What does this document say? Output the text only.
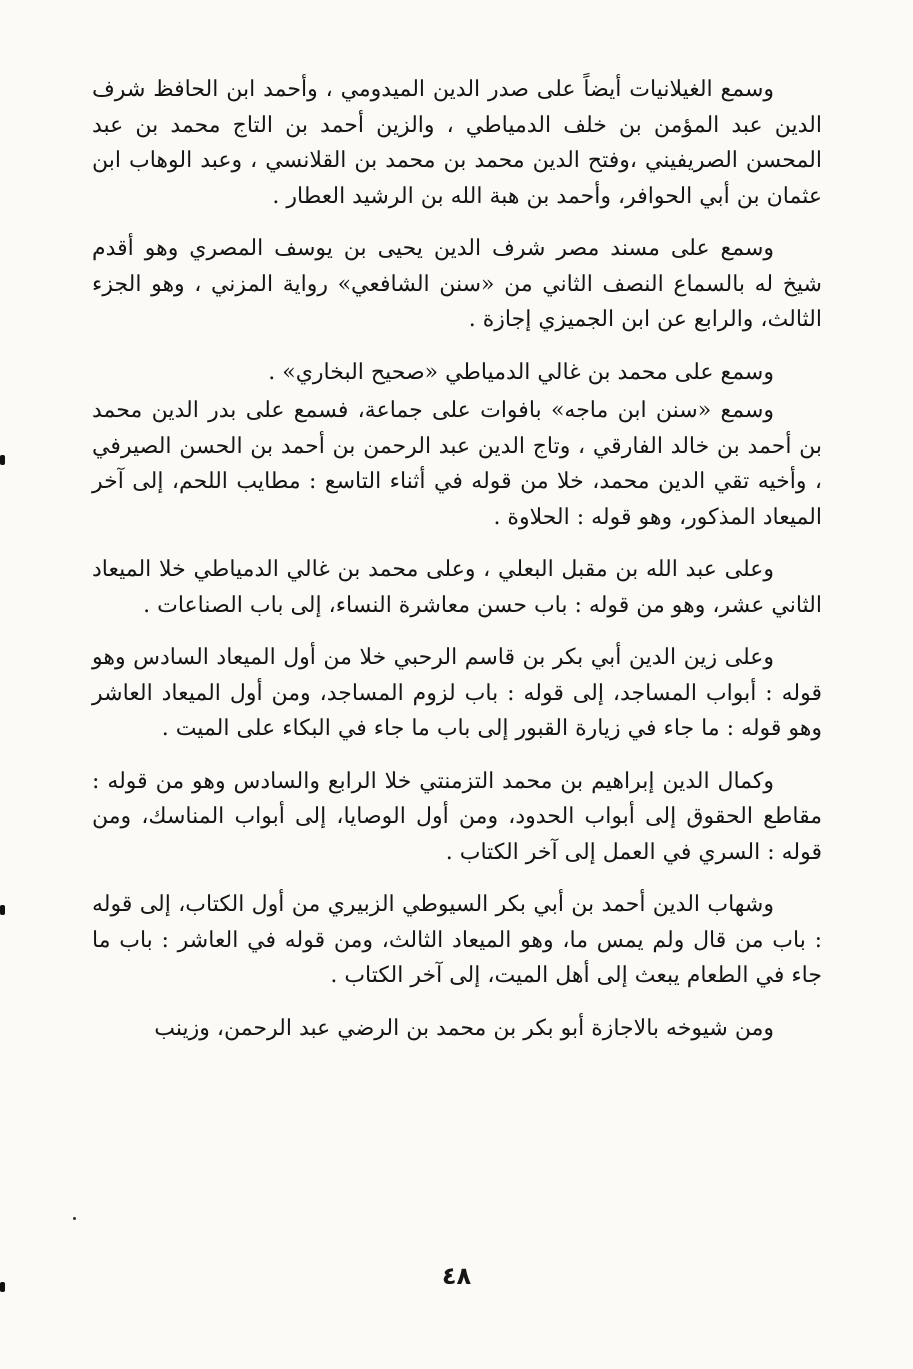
وسمع الغيلانيات أيضاً على صدر الدين الميدومي ، وأحمد ابن الحافظ شرف الدين عبد المؤمن بن خلف الدمياطي ، والزين أحمد بن التاج محمد بن عبد المحسن الصريفيني ،وفتح الدين محمد بن محمد بن القلانسي ، وعبد الوهاب ابن عثمان بن أبي الحوافر، وأحمد بن هبة الله بن الرشيد العطار .

وسمع على مسند مصر شرف الدين يحيى بن يوسف المصري وهو أقدم شيخ له بالسماع النصف الثاني من «سنن الشافعي» رواية المزني ، وهو الجزء الثالث، والرابع عن ابن الجميزي إجازة .

وسمع على محمد بن غالي الدمياطي «صحيح البخاري» .

وسمع «سنن ابن ماجه» بافوات على جماعة، فسمع على بدر الدين محمد بن أحمد بن خالد الفارقي ، وتاج الدين عبد الرحمن بن أحمد بن الحسن الصيرفي ، وأخيه تقي الدين محمد، خلا من قوله في أثناء التاسع : مطايب اللحم، إلى آخر الميعاد المذكور، وهو قوله : الحلاوة .

وعلى عبد الله بن مقبل البعلي ، وعلى محمد بن غالي الدمياطي خلا الميعاد الثاني عشر، وهو من قوله : باب حسن معاشرة النساء، إلى باب الصناعات .

وعلى زين الدين أبي بكر بن قاسم الرحبي خلا من أول الميعاد السادس وهو قوله : أبواب المساجد، إلى قوله : باب لزوم المساجد، ومن أول الميعاد العاشر وهو قوله : ما جاء في زيارة القبور إلى باب ما جاء في البكاء على الميت .

وكمال الدين إبراهيم بن محمد التزمنتي خلا الرابع والسادس وهو من قوله : مقاطع الحقوق إلى أبواب الحدود، ومن أول الوصايا، إلى أبواب المناسك، ومن قوله : السري في العمل إلى آخر الكتاب .

وشهاب الدين أحمد بن أبي بكر السيوطي الزبيري من أول الكتاب، إلى قوله : باب من قال ولم يمس ما، وهو الميعاد الثالث، ومن قوله في العاشر : باب ما جاء في الطعام يبعث إلى أهل الميت، إلى آخر الكتاب .

ومن شيوخه بالاجازة أبو بكر بن محمد بن الرضي عبد الرحمن، وزينب

٤٨
